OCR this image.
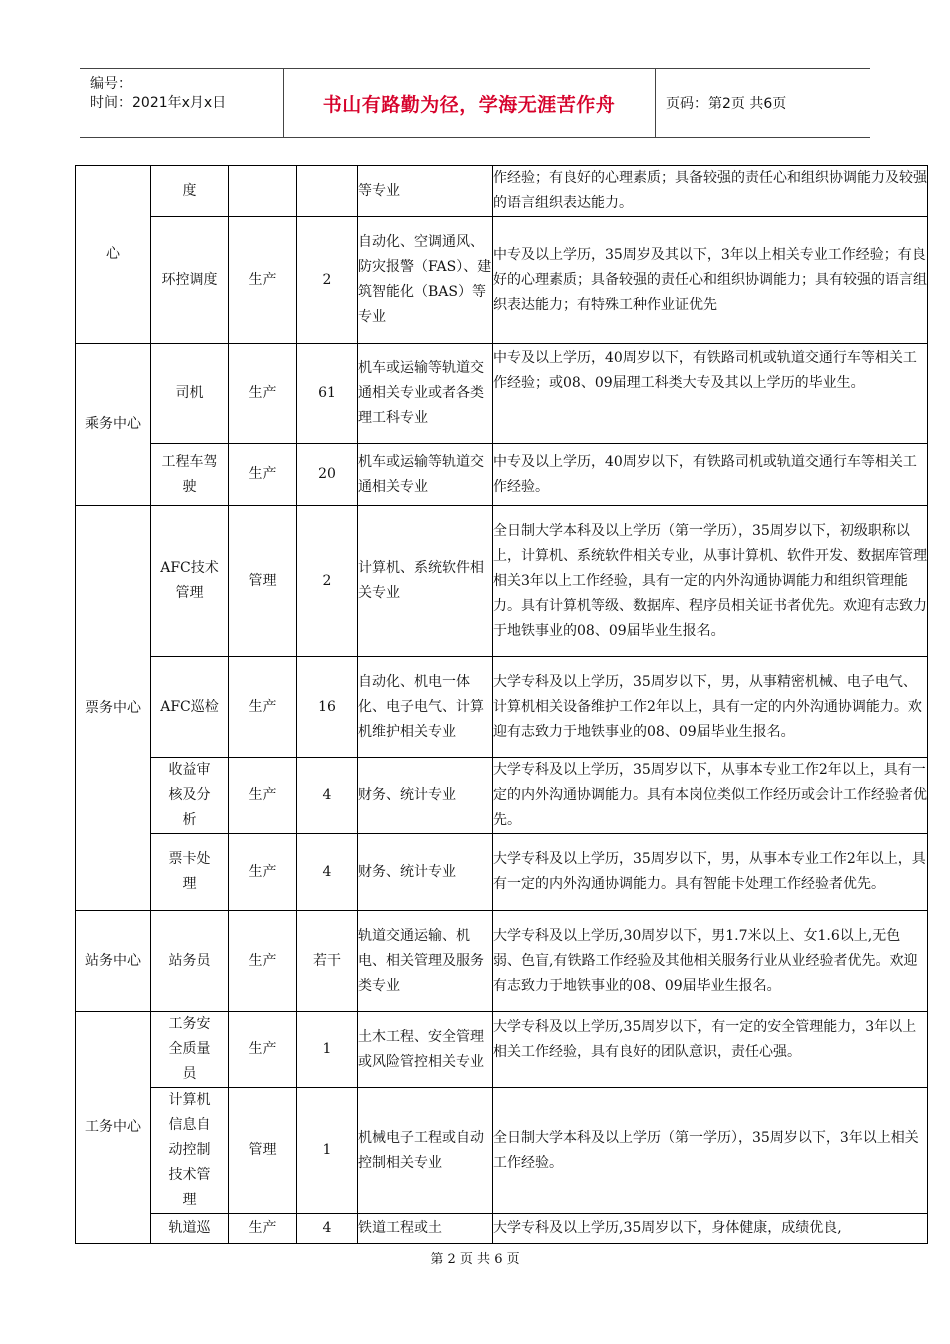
编号：
时间：2021年x月x日	书山有路勤为径，学海无涯苦作舟	页码：第2页 共6页
心	度			等专业	作经验；有良好的心理素质；具备较强的责任心和组织协调能力及较强的语言组织表达能力。
	环控调度	生产	2	自动化、空调通风、防灾报警（FAS）、建筑智能化（BAS）等专业	中专及以上学历，35周岁及其以下，3年以上相关专业工作经验；有良好的心理素质；具备较强的责任心和组织协调能力；具有较强的语言组织表达能力；有特殊工种作业证优先
乘务中心	司机	生产	61	机车或运输等轨道交通相关专业或者各类理工科专业	中专及以上学历，40周岁以下，有铁路司机或轨道交通行车等相关工作经验；或08、09届理工科类大专及其以上学历的毕业生。
	工程车驾驶	生产	20	机车或运输等轨道交通相关专业	中专及以上学历，40周岁以下，有铁路司机或轨道交通行车等相关工作经验。
票务中心	AFC技术管理	管理	2	计算机、系统软件相关专业	全日制大学本科及以上学历（第一学历），35周岁以下，初级职称以上，计算机、系统软件相关专业，从事计算机、软件开发、数据库管理相关3年以上工作经验，具有一定的内外沟通协调能力和组织管理能力。具有计算机等级、数据库、程序员相关证书者优先。欢迎有志致力于地铁事业的08、09届毕业生报名。
	AFC巡检	生产	16	自动化、机电一体化、电子电气、计算机维护相关专业	大学专科及以上学历，35周岁以下，男，从事精密机械、电子电气、计算机相关设备维护工作2年以上，具有一定的内外沟通协调能力。欢迎有志致力于地铁事业的08、09届毕业生报名。
	收益审核及分析	生产	4	财务、统计专业	大学专科及以上学历，35周岁以下，从事本专业工作2年以上，具有一定的内外沟通协调能力。具有本岗位类似工作经历或会计工作经验者优先。
	票卡处理	生产	4	财务、统计专业	大学专科及以上学历，35周岁以下，男，从事本专业工作2年以上，具有一定的内外沟通协调能力。具有智能卡处理工作经验者优先。
站务中心	站务员	生产	若干	轨道交通运输、机电、相关管理及服务类专业	大学专科及以上学历,30周岁以下，男1.7米以上、女1.6以上,无色弱、色盲,有铁路工作经验及其他相关服务行业从业经验者优先。欢迎有志致力于地铁事业的08、09届毕业生报名。
工务中心	工务安全质量员	生产	1	土木工程、安全管理或风险管控相关专业	大学专科及以上学历,35周岁以下，有一定的安全管理能力，3年以上相关工作经验，具有良好的团队意识，责任心强。
	计算机信息自动控制技术管理	管理	1	机械电子工程或自动控制相关专业	全日制大学本科及以上学历（第一学历），35周岁以下，3年以上相关工作经验。
	轨道巡	生产	4	铁道工程或土	大学专科及以上学历,35周岁以下，身体健康，成绩优良,
第 2 页 共 6 页
